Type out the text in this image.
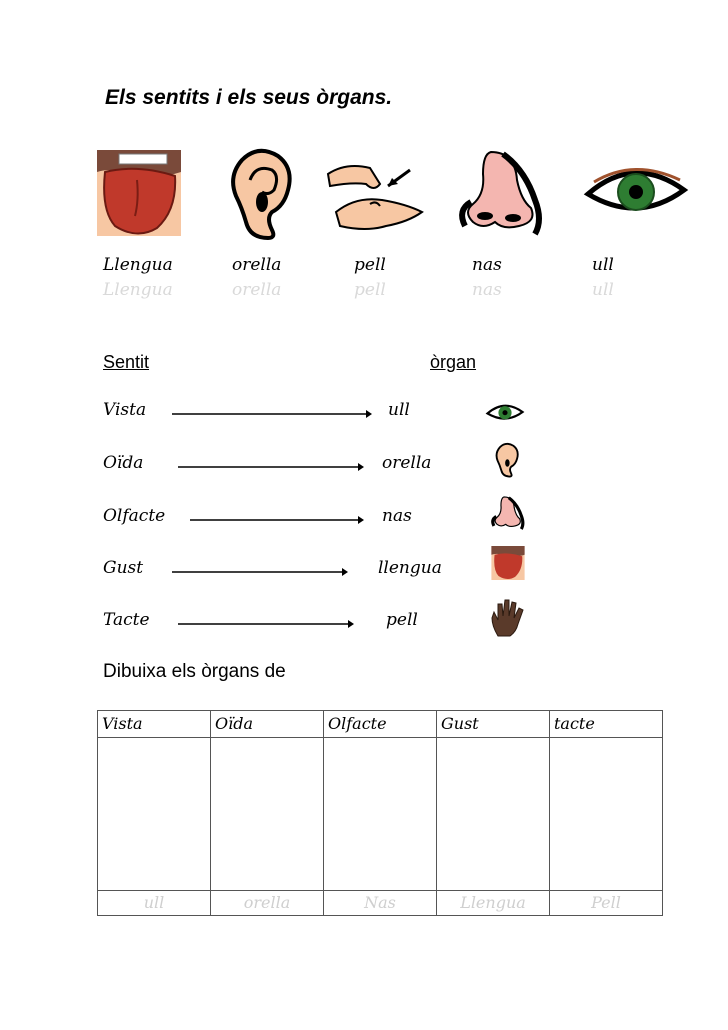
Els sentits i els seus òrgans.
Llengua	orella	pell	nas	ull
Llengua	orella	pell	nas	ull
Sentit	òrgan
Vista	ull
Oïda	orella
Olfacte	nas
Gust	llengua
Tacte	pell
Dibuixa els òrgans de
Vista	Oïda	Olfacte	Gust	tacte

ull	orella	Nas	Llengua	Pell
